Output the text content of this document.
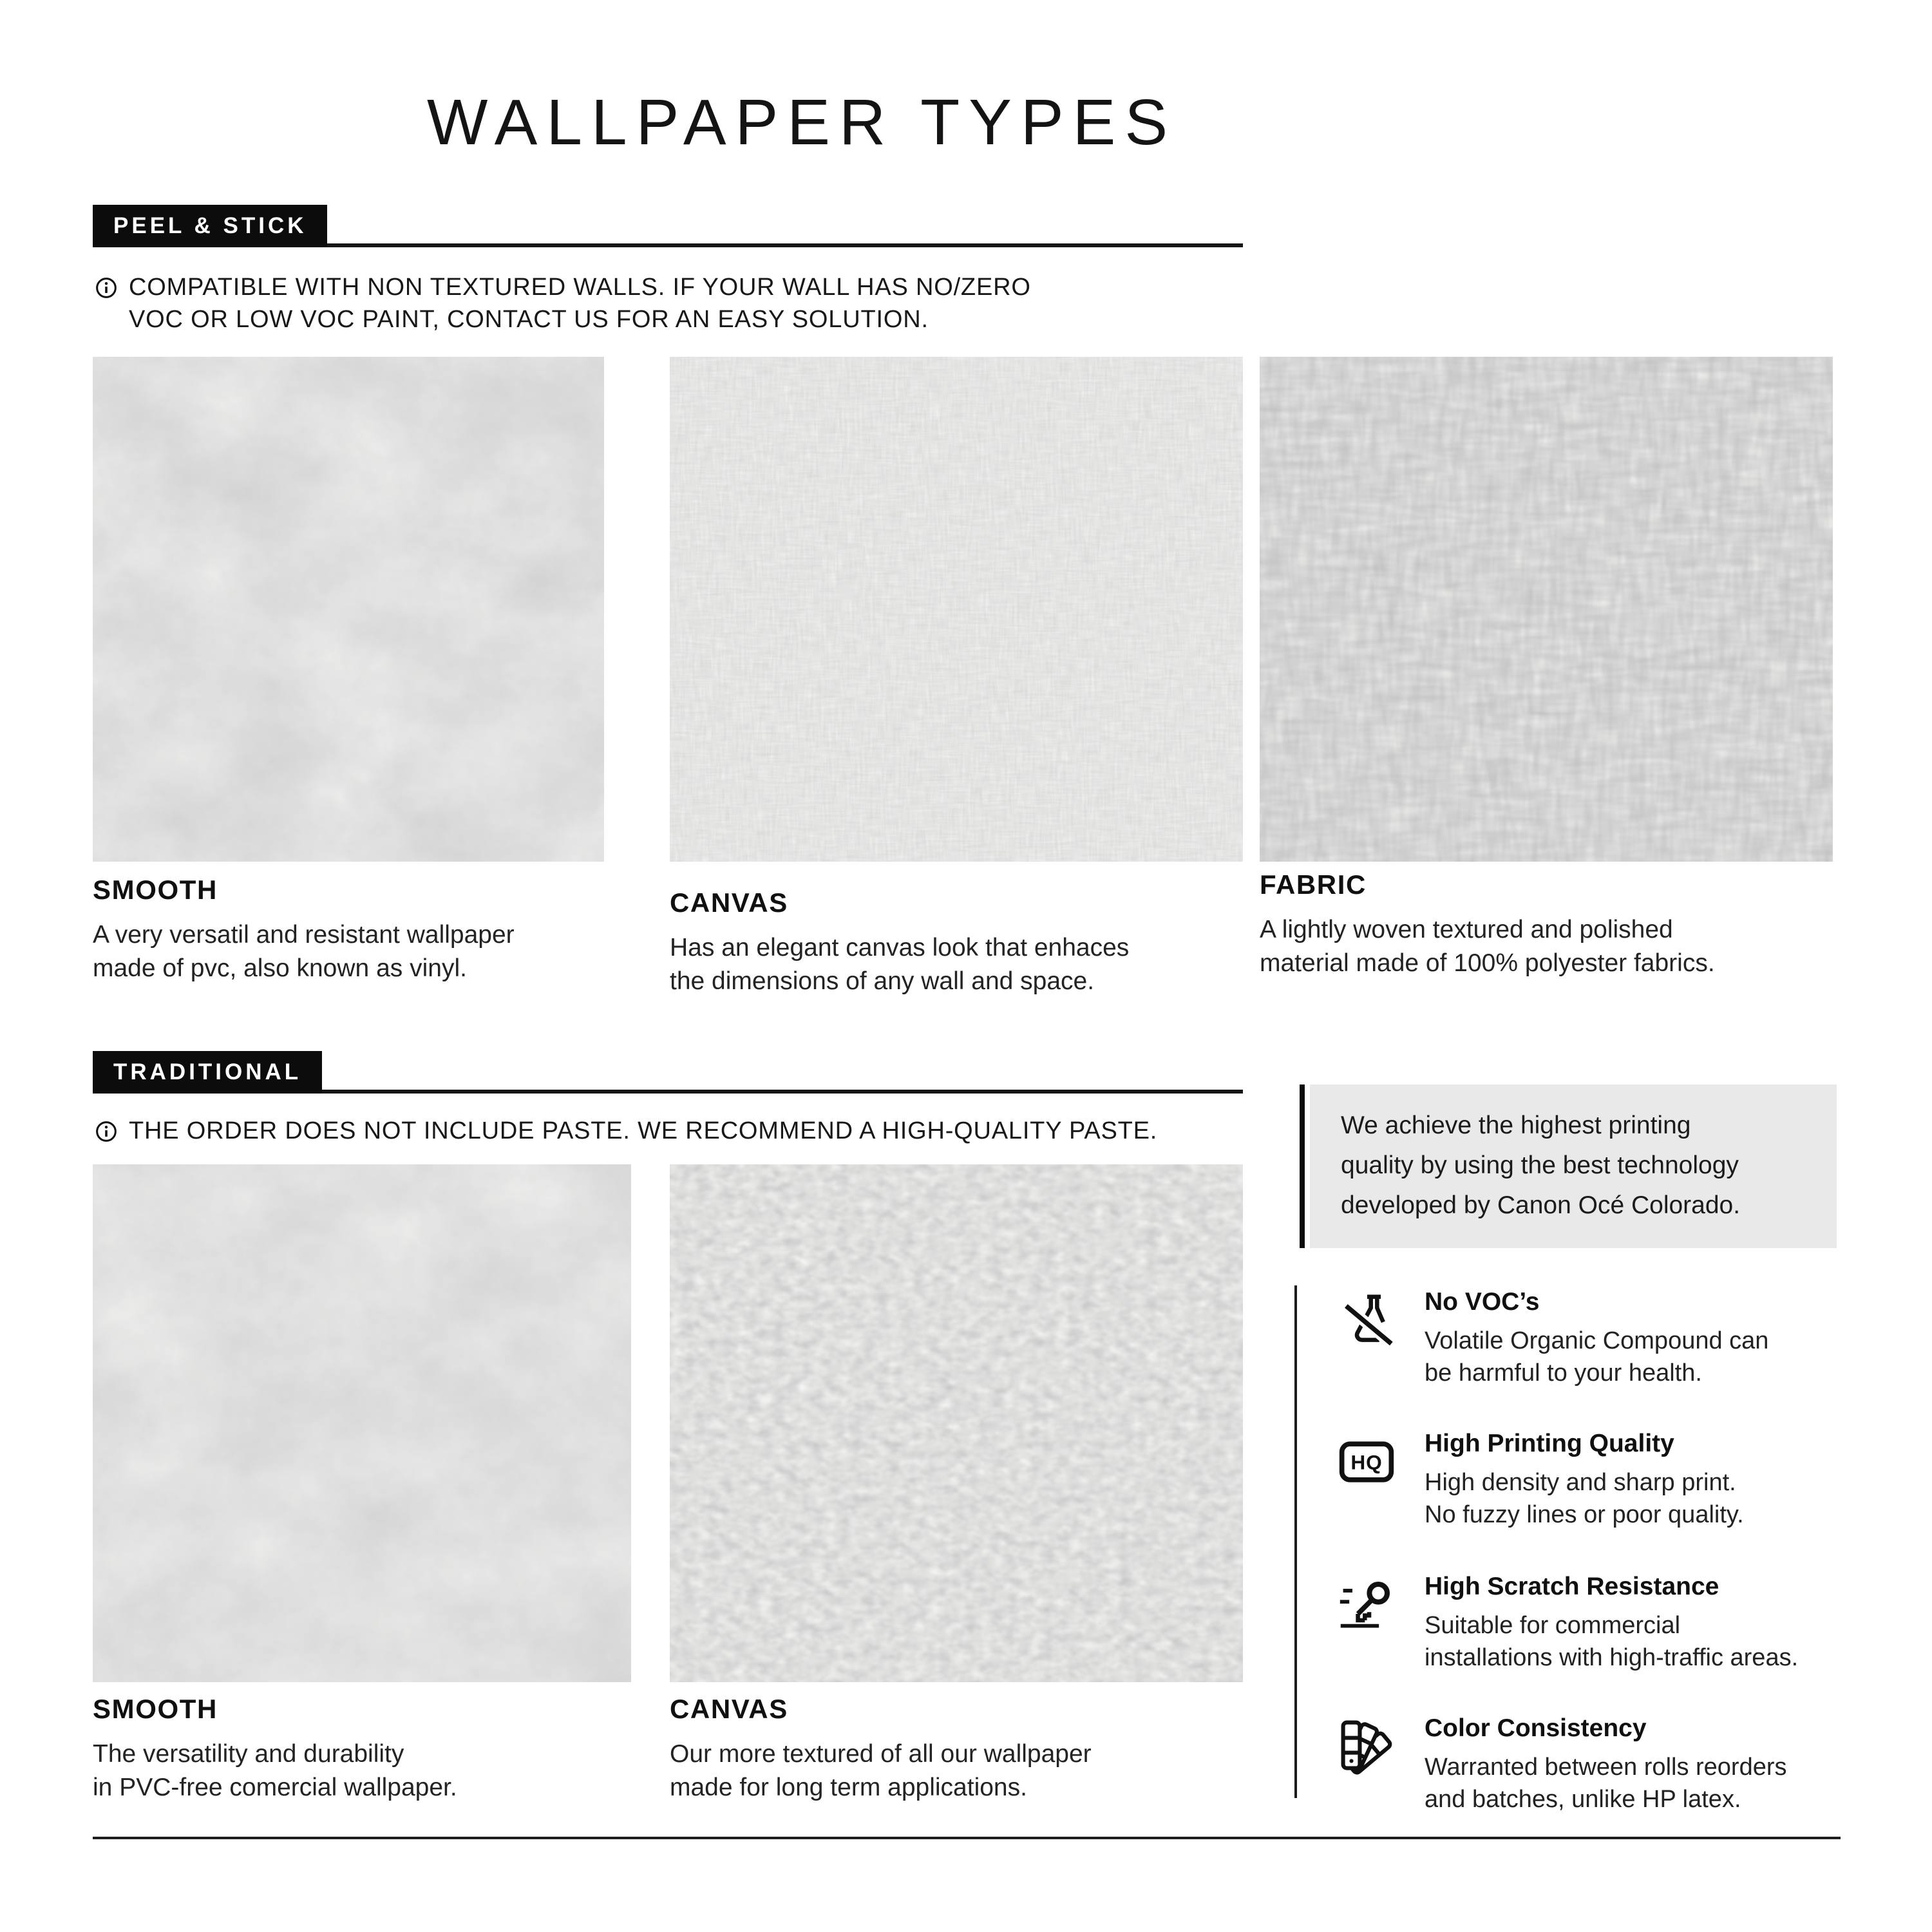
WALLPAPER TYPES
PEEL & STICK
COMPATIBLE WITH NON TEXTURED WALLS. IF YOUR WALL HAS NO/ZERO
VOC OR LOW VOC PAINT, CONTACT US FOR AN EASY SOLUTION.
SMOOTH
A very versatil and resistant wallpaper
made of pvc, also known as vinyl.
CANVAS
Has an elegant canvas look that enhaces
the dimensions of any wall and space.
FABRIC
A lightly woven textured and polished
material made of 100% polyester fabrics.
TRADITIONAL
THE ORDER DOES NOT INCLUDE PASTE. WE RECOMMEND A HIGH-QUALITY PASTE.	We achieve the highest printing
quality by using the best technology
developed by Canon Océ Colorado.
SMOOTH
The versatility and durability
in PVC-free comercial wallpaper.
CANVAS
Our more textured of all our wallpaper
made for long term applications.
No VOC’s
Volatile Organic Compound can
be harmful to your health.
HQ
High Printing Quality
High density and sharp print.
No fuzzy lines or poor quality.
High Scratch Resistance
Suitable for commercial
installations with high-traffic areas.
Color Consistency
Warranted between rolls reorders
and batches, unlike HP latex.
